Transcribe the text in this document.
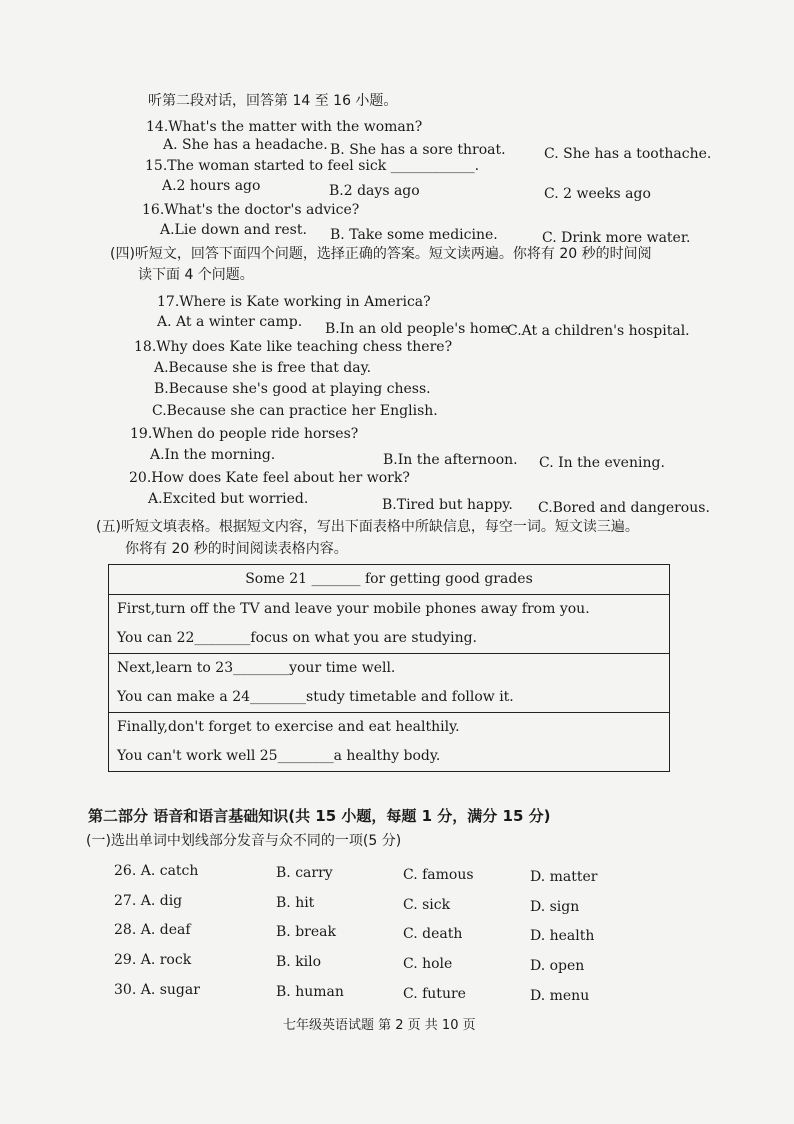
听第二段对话，回答第 14 至 16 小题。
14.What's the matter with the woman?
A. She has a headache. B. She has a sore throat.	C. She has a toothache.
15.The woman started to feel sick ____________.
A.2 hours ago	B.2 days ago	C. 2 weeks ago
16.What's the doctor's advice?
A.Lie down and rest. B. Take some medicine.	C. Drink more water.
(四)听短文，回答下面四个问题，选择正确的答案。短文读两遍。你将有 20 秒的时间阅
读下面 4 个问题。
17.Where is Kate working in America?
A. At a winter camp. B.In an old people's home
C.At a children's hospital.
18.Why does Kate like teaching chess there?
A.Because she is free that day.
B.Because she's good at playing chess.
C.Because she can practice her English.
19.When do people ride horses?
A.In the morning.	B.In the afternoon. C. In the evening.
20.How does Kate feel about her work?
A.Excited but worried.	B.Tired but happy. C.Bored and dangerous.
(五)听短文填表格。根据短文内容，写出下面表格中所缺信息，每空一词。短文读三遍。
你将有 20 秒的时间阅读表格内容。
Some 21 _______ for getting good grades

First,turn off the TV and leave your mobile phones away from you.
You can 22________focus on what you are studying.

Next,learn to 23________your time well.
You can make a 24________study timetable and follow it.

Finally,don't forget to exercise and eat healthily.
You can't work well 25________a healthy body.
第二部分 语音和语言基础知识(共 15 小题，每题 1 分，满分 15 分)
(一)选出单词中划线部分发音与众不同的一项(5 分)
26. A. catch	B. carry	C. famous	D. matter
27. A. dig	B. hit	C. sick	D. sign
28. A. deaf	B. break	C. death	D. health
29. A. rock	B. kilo	C. hole	D. open
30. A. sugar	B. human	C. future	D. menu
七年级英语试题 第 2 页 共 10 页
